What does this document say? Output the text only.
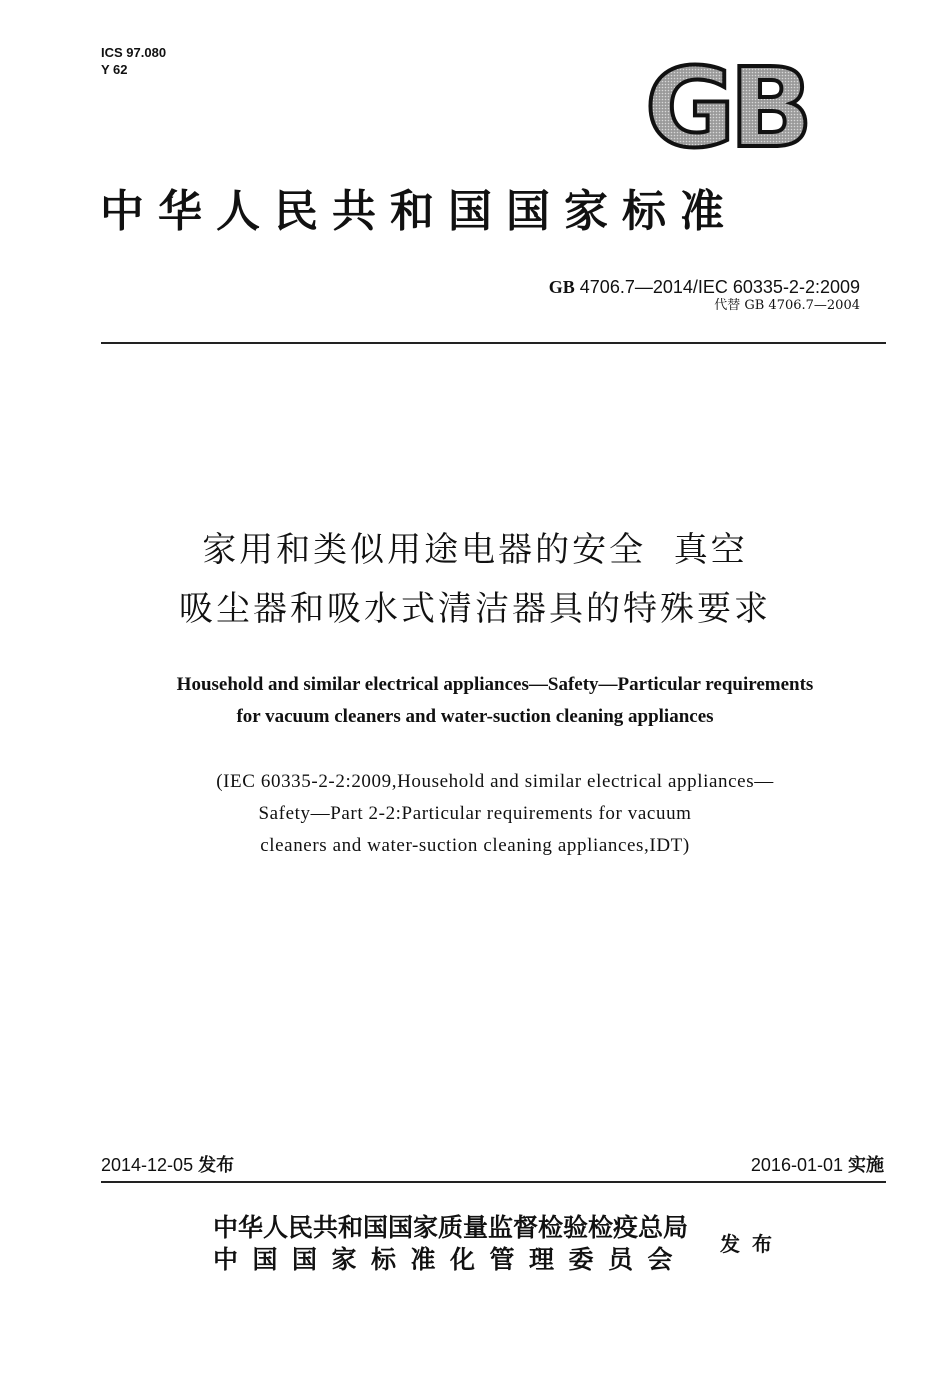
ICS 97.080
Y 62	GB
中华人民共和国国家标准
GB 4706.7—2014/IEC 60335-2-2:2009
代替 GB 4706.7—2004
家用和类似用途电器的安全  真空
吸尘器和吸水式清洁器具的特殊要求
Household and similar electrical appliances—Safety—Particular requirements
for vacuum cleaners and water-suction cleaning appliances
(IEC 60335-2-2:2009,Household and similar electrical appliances—
Safety—Part 2-2:Particular requirements for vacuum
cleaners and water-suction cleaning appliances,IDT)
2014-12-05 发布	2016-01-01 实施
中华人民共和国国家质量监督检验检疫总局
中国国家标准化管理委员会
发布
